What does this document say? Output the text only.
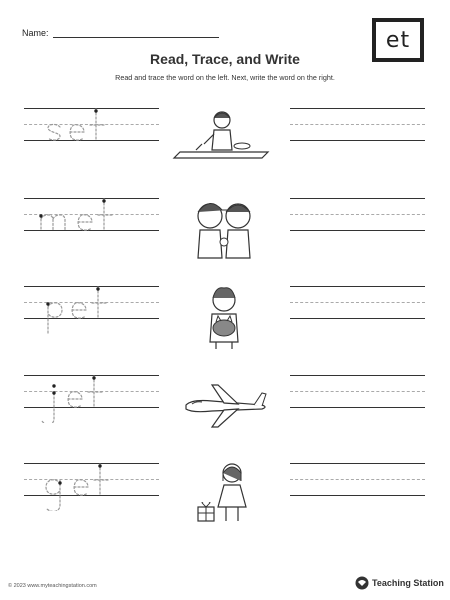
Name:	et
Read, Trace, and Write
Read and trace the word on the left. Next, write the word on the right.
© 2023 www.myteachingstation.com	Teaching Station
